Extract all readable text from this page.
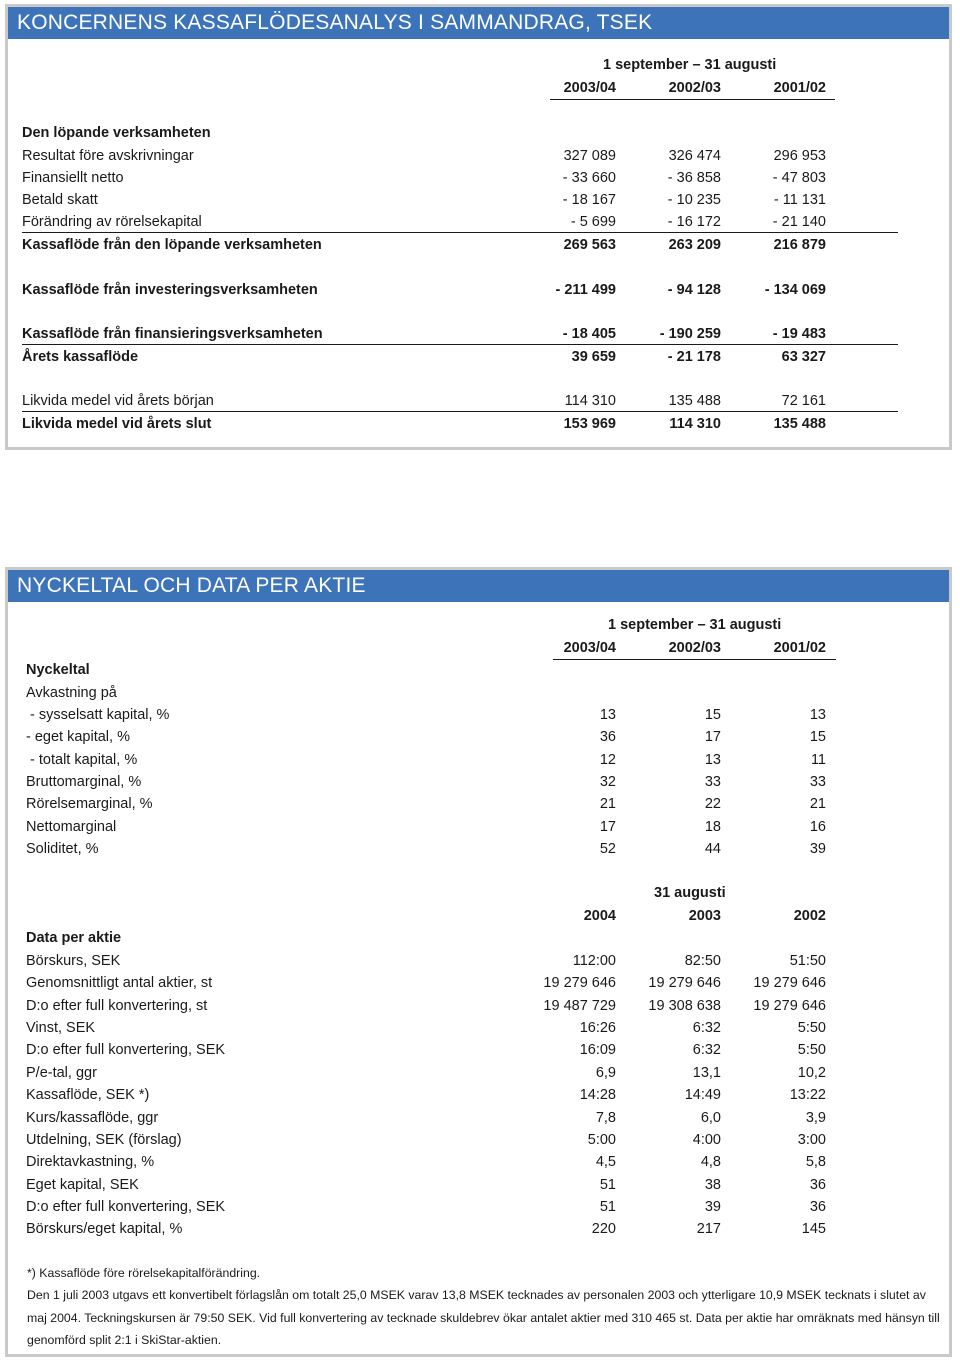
KONCERNENS KASSAFLÖDESANALYS I SAMMANDRAG, TSEK
1 september – 31 augusti
2003/04	2002/03	2001/02
Den löpande verksamheten
Resultat före avskrivningar	327 089	326 474	296 953
Finansiellt netto	- 33 660	- 36 858	- 47 803
Betald skatt	- 18 167	- 10 235	- 11 131
Förändring av rörelsekapital	- 5 699	- 16 172	- 21 140
Kassaflöde från den löpande verksamheten	269 563	263 209	216 879
Kassaflöde från investeringsverksamheten	- 211 499	- 94 128	- 134 069
Kassaflöde från finansieringsverksamheten	- 18 405	- 190 259	- 19 483
Årets kassaflöde	39 659	- 21 178	63 327
Likvida medel vid årets början	114 310	135 488	72 161
Likvida medel vid årets slut	153 969	114 310	135 488
NYCKELTAL OCH DATA PER AKTIE
1 september – 31 augusti
2003/04	2002/03	2001/02
Nyckeltal
Avkastning på
- sysselsatt kapital, %	13	15	13
- eget kapital, %	36	17	15
- totalt kapital, %	12	13	11
Bruttomarginal, %	32	33	33
Rörelsemarginal, %	21	22	21
Nettomarginal	17	18	16
Soliditet, %	52	44	39
31 augusti
2004	2003	2002
Data per aktie
Börskurs, SEK	112:00	82:50	51:50
Genomsnittligt antal aktier, st	19 279 646	19 279 646	19 279 646
D:o efter full konvertering, st	19 487 729	19 308 638	19 279 646
Vinst, SEK	16:26	6:32	5:50
D:o efter full konvertering, SEK	16:09	6:32	5:50
P/e-tal, ggr	6,9	13,1	10,2
Kassaflöde, SEK *)	14:28	14:49	13:22
Kurs/kassaflöde, ggr	7,8	6,0	3,9
Utdelning, SEK (förslag)	5:00	4:00	3:00
Direktavkastning, %	4,5	4,8	5,8
Eget kapital, SEK	51	38	36
D:o efter full konvertering, SEK	51	39	36
Börskurs/eget kapital, %	220	217	145
*) Kassaflöde före rörelsekapitalförändring.
Den 1 juli 2003 utgavs ett konvertibelt förlagslån om totalt 25,0 MSEK varav 13,8 MSEK tecknades av personalen 2003 och ytterligare 10,9 MSEK tecknats i slutet av maj 2004. Teckningskursen är 79:50 SEK. Vid full konvertering av tecknade skuldebrev ökar antalet aktier med 310 465 st. Data per aktie har omräknats med hänsyn till genomförd split 2:1 i SkiStar-aktien.
